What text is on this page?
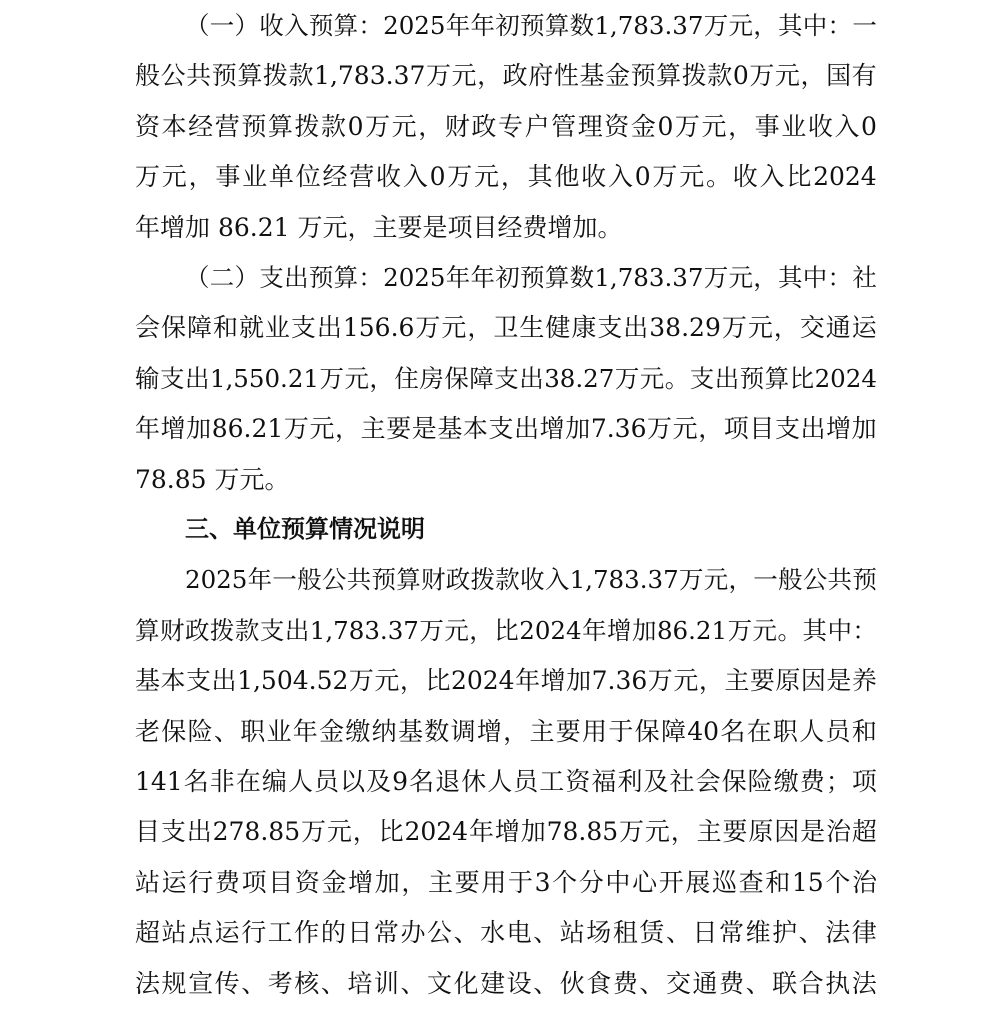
（ 一 ） 收 入 预 算 ： 2025 年 年 初 预 算 数 1,783.37 万 元 ， 其 中 ： 一
般 公 共 预 算 拨 款 1,783.37 万 元 ， 政 府 性 基 金 预 算 拨 款 0 万 元 ， 国 有
资 本 经 营 预 算 拨 款 0 万 元 ， 财 政 专 户 管 理 资 金 0 万 元 ， 事 业 收 入 0
万 元 ， 事 业 单 位 经 营 收 入 0 万 元 ， 其 他 收 入 0 万 元 。 收 入 比 2024
年增加 86.21 万元，主要是项目经费增加。
（ 二 ） 支 出 预 算 ： 2025 年 年 初 预 算 数 1,783.37 万 元 ， 其 中 ： 社
会 保 障 和 就 业 支 出 156.6 万 元 ， 卫 生 健 康 支 出 38.29 万 元 ， 交 通 运
输 支 出 1,550.21 万 元 ， 住 房 保 障 支 出 38.27 万 元 。 支 出 预 算 比 2024
年 增 加 86.21 万 元 ， 主 要 是 基 本 支 出 增 加 7.36 万 元 ， 项 目 支 出 增 加
78.85 万元。
三、单位预算情况说明
2025 年 一 般 公 共 预 算 财 政 拨 款 收 入 1,783.37 万 元 ， 一 般 公 共 预
算 财 政 拨 款 支 出 1,783.37 万 元 ， 比 2024 年 增 加 86.21 万 元 。 其 中 ：
基 本 支 出 1,504.52 万 元 ， 比 2024 年 增 加 7.36 万 元 ， 主 要 原 因 是 养
老 保 险 、 职 业 年 金 缴 纳 基 数 调 增 ， 主 要 用 于 保 障 40 名 在 职 人 员 和
141 名 非 在 编 人 员 以 及 9 名 退 休 人 员 工 资 福 利 及 社 会 保 险 缴 费 ； 项
目 支 出 278.85 万 元 ， 比 2024 年 增 加 78.85 万 元 ， 主 要 原 因 是 治 超
站 运 行 费 项 目 资 金 增 加 ， 主 要 用 于 3 个 分 中 心 开 展 巡 查 和 15 个 治
超 站 点 运 行 工 作 的 日 常 办 公 、 水 电 、 站 场 租 赁 、 日 常 维 护 、 法 律
法 规 宣 传 、 考 核 、 培 训 、 文 化 建 设 、 伙 食 费 、 交 通 费 、 联 合 执 法
